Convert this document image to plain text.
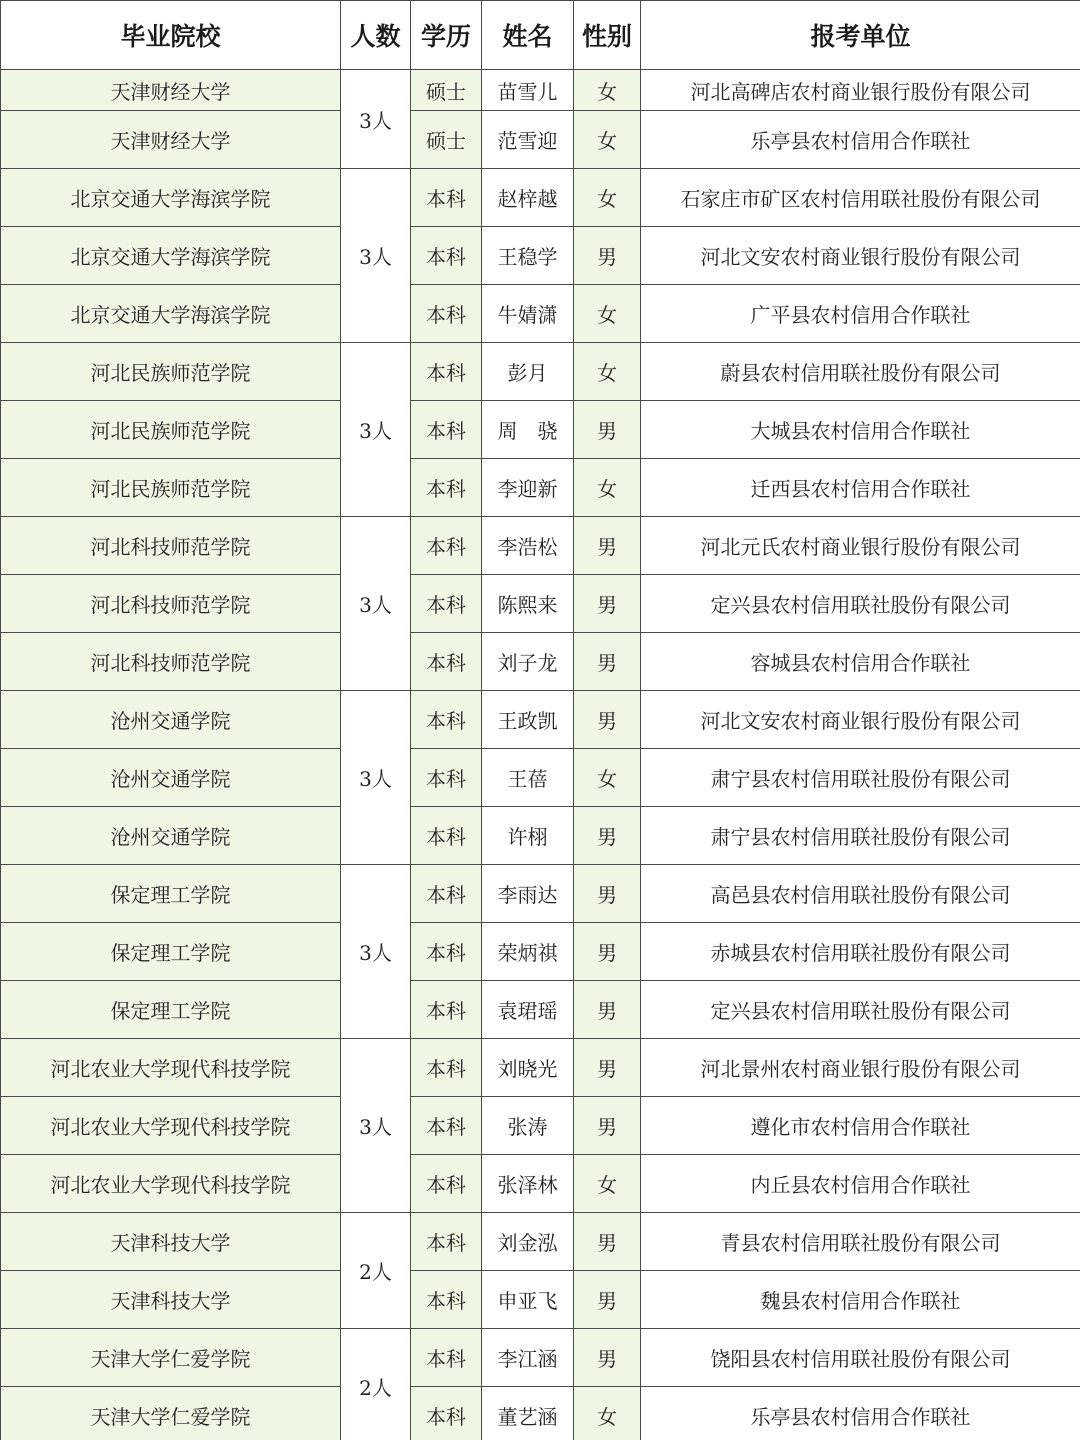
毕业院校	人数	学历	姓名	性别	报考单位
天津财经大学	3人	硕士	苗雪儿	女	河北高碑店农村商业银行股份有限公司
天津财经大学		硕士	范雪迎	女	乐亭县农村信用合作联社
北京交通大学海滨学院	3人	本科	赵梓越	女	石家庄市矿区农村信用联社股份有限公司
北京交通大学海滨学院		本科	王稳学	男	河北文安农村商业银行股份有限公司
北京交通大学海滨学院		本科	牛婧潇	女	广平县农村信用合作联社
河北民族师范学院	3人	本科	彭月	女	蔚县农村信用联社股份有限公司
河北民族师范学院		本科	周　骁	男	大城县农村信用合作联社
河北民族师范学院		本科	李迎新	女	迁西县农村信用合作联社
河北科技师范学院	3人	本科	李浩松	男	河北元氏农村商业银行股份有限公司
河北科技师范学院		本科	陈熙来	男	定兴县农村信用联社股份有限公司
河北科技师范学院		本科	刘子龙	男	容城县农村信用合作联社
沧州交通学院	3人	本科	王政凯	男	河北文安农村商业银行股份有限公司
沧州交通学院		本科	王蓓	女	肃宁县农村信用联社股份有限公司
沧州交通学院		本科	许栩	男	肃宁县农村信用联社股份有限公司
保定理工学院	3人	本科	李雨达	男	高邑县农村信用联社股份有限公司
保定理工学院		本科	荣炳祺	男	赤城县农村信用联社股份有限公司
保定理工学院		本科	袁珺瑶	男	定兴县农村信用联社股份有限公司
河北农业大学现代科技学院	3人	本科	刘晓光	男	河北景州农村商业银行股份有限公司
河北农业大学现代科技学院		本科	张涛	男	遵化市农村信用合作联社
河北农业大学现代科技学院		本科	张泽林	女	内丘县农村信用合作联社
天津科技大学	2人	本科	刘金泓	男	青县农村信用联社股份有限公司
天津科技大学		本科	申亚飞	男	魏县农村信用合作联社
天津大学仁爱学院	2人	本科	李江涵	男	饶阳县农村信用联社股份有限公司
天津大学仁爱学院		本科	董艺涵	女	乐亭县农村信用合作联社
